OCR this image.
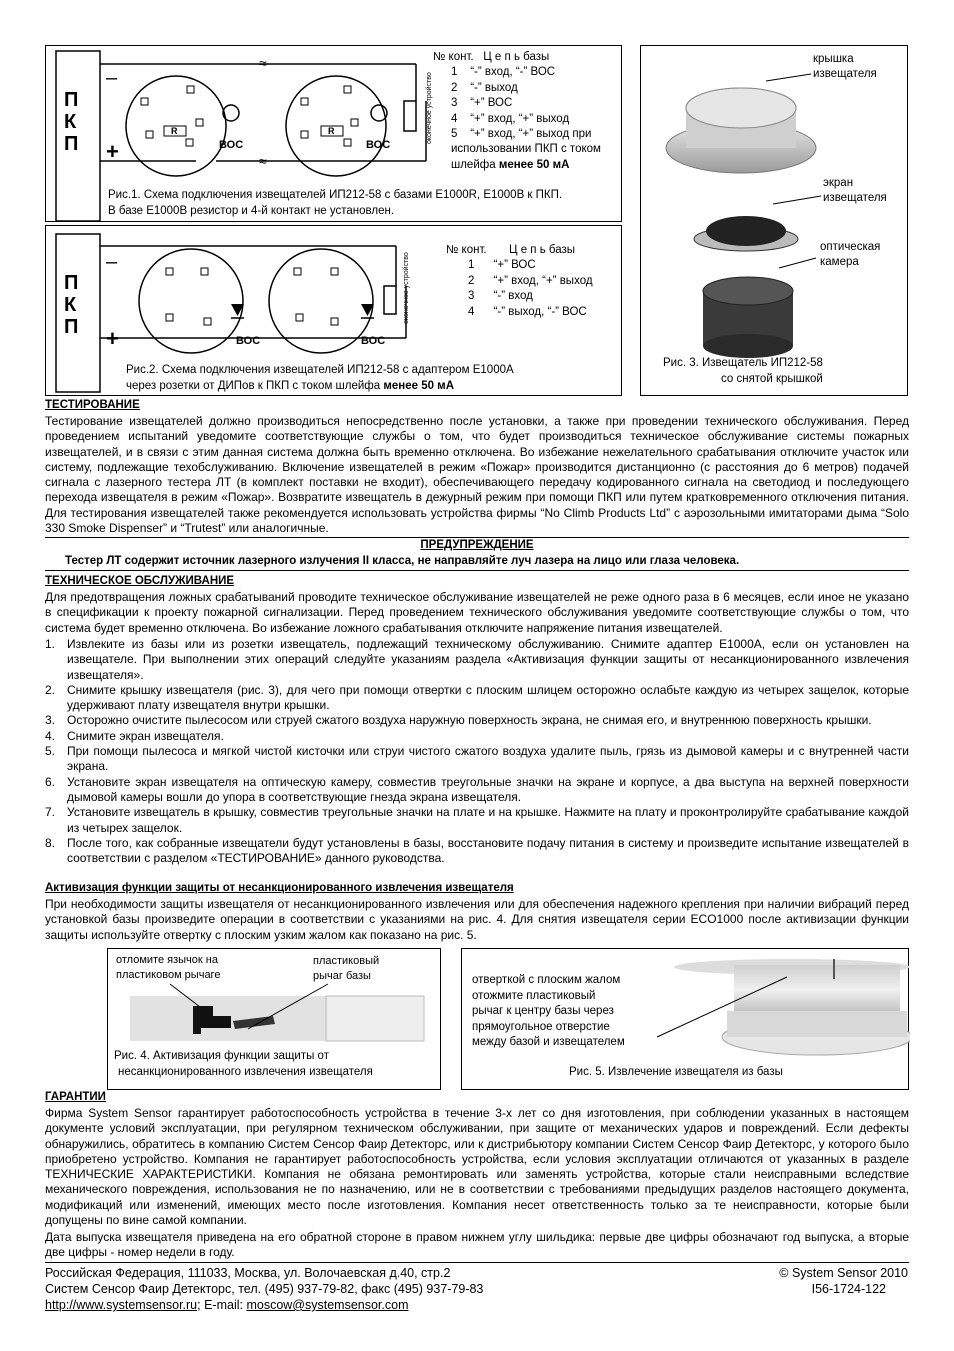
≈
≈
–
+
П
К
П	ВОС	ВОС
R	R	оконечное устройство
№ конт. Ц е п ь базы
1 “-” вход, “-” ВОС
2 “-” выход
3 “+” ВОС
4 “+” вход, “+” выход
5 “+” вход, “+” выход при
использовании ПКП с током
шлейфа менее 50 мА
Рис.1. Схема подключения извещателей ИП212-58 с базами E1000R, E1000B к ПКП.
В базе Е1000В резистор и 4-й контакт не установлен.
–
+
П
К
П
ВОС	ВОС
оконечное устройство
№ конт. Ц е п ь базы
1 “+” ВОС
2 “+” вход, “+” выход
3 “-” вход
4 “-” выход, “-” ВОС
Рис.2. Схема подключения извещателей ИП212-58 с адаптером E1000A
через розетки от ДИПов к ПКП с током шлейфа менее 50 мА
крышка извещателя
экран извещателя
оптическая камера
Рис. 3. Извещатель ИП212-58
со снятой крышкой
ТЕСТИРОВАНИЕ
Тестирование извещателей должно производиться непосредственно после установки, а также при проведении технического обслуживания. Перед проведением испытаний уведомите соответствующие службы о том, что будет производиться техническое обслуживание системы пожарных извещателей, и в связи с этим данная система должна быть временно отключена. Во избежание нежелательного срабатывания отключите участок или систему, подлежащие техобслуживанию. Включение извещателей в режим «Пожар» производится дистанционно (с расстояния до 6 метров) подачей сигнала с лазерного тестера ЛТ (в комплект поставки не входит), обеспечивающего передачу кодированного сигнала на светодиод и последующего перехода извещателя в режим «Пожар». Возвратите извещатель в дежурный режим при помощи ПКП или путем кратковременного отключения питания. Для тестирования извещателей также рекомендуется использовать устройства фирмы “No Climb Products Ltd” с аэрозольными имитаторами дыма “Solo 330 Smoke Dispenser” и “Trutest” или аналогичные.
ПРЕДУПРЕЖДЕНИЕ
Тестер ЛТ содержит источник лазерного излучения II класса, не направляйте луч лазера на лицо или глаза человека.
ТЕХНИЧЕСКОЕ ОБСЛУЖИВАНИЕ
Для предотвращения ложных срабатываний проводите техническое обслуживание извещателей не реже одного раза в 6 месяцев, если иное не указано в спецификации к проекту пожарной сигнализации. Перед проведением технического обслуживания уведомите соответствующие службы о том, что система будет временно отключена. Во избежание ложного срабатывания отключите напряжение питания извещателей.
1. Извлеките из базы или из розетки извещатель, подлежащий техническому обслуживанию. Снимите адаптер E1000A, если он установлен на извещателе. При выполнении этих операций следуйте указаниям раздела «Активизация функции защиты от несанкционированного извлечения извещателя».
2. Снимите крышку извещателя (рис. 3), для чего при помощи отвертки с плоским шлицем осторожно ослабьте каждую из четырех защелок, которые удерживают плату извещателя внутри крышки.
3. Осторожно очистите пылесосом или струей сжатого воздуха наружную поверхность экрана, не снимая его, и внутреннюю поверхность крышки.
4. Снимите экран извещателя.
5. При помощи пылесоса и мягкой чистой кисточки или струи чистого сжатого воздуха удалите пыль, грязь из дымовой камеры и с внутренней части экрана.
6. Установите экран извещателя на оптическую камеру, совместив треугольные значки на экране и корпусе, а два выступа на верхней поверхности дымовой камеры вошли до упора в соответствующие гнезда экрана извещателя.
7. Установите извещатель в крышку, совместив треугольные значки на плате и на крышке. Нажмите на плату и проконтролируйте срабатывание каждой из четырех защелок.
8. После того, как собранные извещатели будут установлены в базы, восстановите подачу питания в систему и произведите испытание извещателей в соответствии с разделом «ТЕСТИРОВАНИЕ» данного руководства.
Активизация функции защиты от несанкционированного извлечения извещателя
При необходимости защиты извещателя от несанкционированного извлечения или для обеспечения надежного крепления при наличии вибраций перед установкой базы произведите операции в соответствии с указаниями на рис. 4. Для снятия извещателя серии ECO1000 после активизации функции защиты используйте отвертку с плоским узким жалом как показано на рис. 5.
отломите язычок на
пластиковом рычаге
пластиковый
рычаг базы
Рис. 4. Активизация функции защиты от
несанкционированного извлечения извещателя
отверткой с плоским жалом
отожмите пластиковый
рычаг к центру базы через
прямоугольное отверстие
между базой и извещателем
Рис. 5. Извлечение извещателя из базы
ГАРАНТИИ
Фирма System Sensor гарантирует работоспособность устройства в течение 3-х лет со дня изготовления, при соблюдении указанных в настоящем документе условий эксплуатации, при регулярном техническом обслуживании, при защите от механических ударов и повреждений. Если дефекты обнаружились, обратитесь в компанию Систем Сенсор Фаир Детекторс, или к дистрибьютору компании Систем Сенсор Фаир Детекторс, у которого было приобретено устройство. Компания не гарантирует работоспособность устройства, если условия эксплуатации отличаются от указанных в разделе ТЕХНИЧЕСКИЕ ХАРАКТЕРИСТИКИ. Компания не обязана ремонтировать или заменять устройства, которые стали неисправными вследствие механического повреждения, использования не по назначению, или не в соответствии с требованиями предыдущих разделов настоящего документа, модификаций или изменений, имеющих место после изготовления. Компания несет ответственность только за те неисправности, которые были допущены по вине самой компании.
Дата выпуска извещателя приведена на его обратной стороне в правом нижнем углу шильдика: первые две цифры обозначают год выпуска, а вторые две цифры - номер недели в году.
Российская Федерация, 111033, Москва, ул. Волочаевская д.40, стр.2
Систем Сенсор Фаир Детекторс, тел. (495) 937-79-82, факс (495) 937-79-83
http://www.systemsensor.ru; E-mail: moscow@systemsensor.com
© System Sensor 2010
I56-1724-122
